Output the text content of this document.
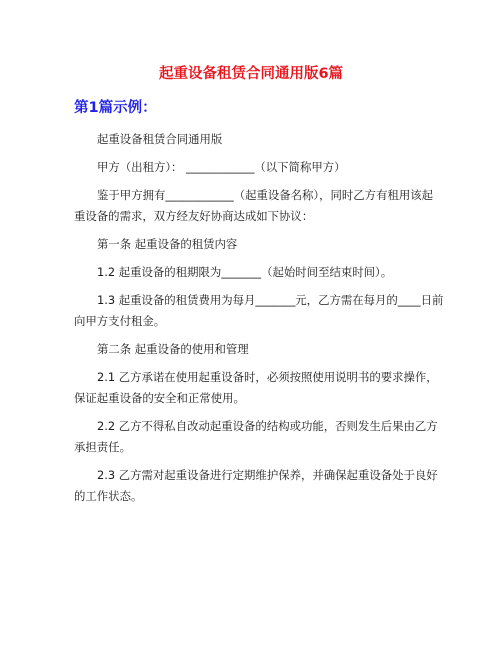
起重设备租赁合同通用版6篇
第1篇示例：

起重设备租赁合同通用版

甲方（出租方）： ____________（以下简称甲方）

鉴于甲方拥有____________（起重设备名称），同时乙方有租用该起重设备的需求，双方经友好协商达成如下协议：

第一条 起重设备的租赁内容

1.2 起重设备的租期限为_______（起始时间至结束时间）。

1.3 起重设备的租赁费用为每月_______元，乙方需在每月的____日前向甲方支付租金。

第二条 起重设备的使用和管理

2.1 乙方承诺在使用起重设备时，必须按照使用说明书的要求操作，保证起重设备的安全和正常使用。

2.2 乙方不得私自改动起重设备的结构或功能，否则发生后果由乙方承担责任。

2.3 乙方需对起重设备进行定期维护保养，并确保起重设备处于良好的工作状态。
